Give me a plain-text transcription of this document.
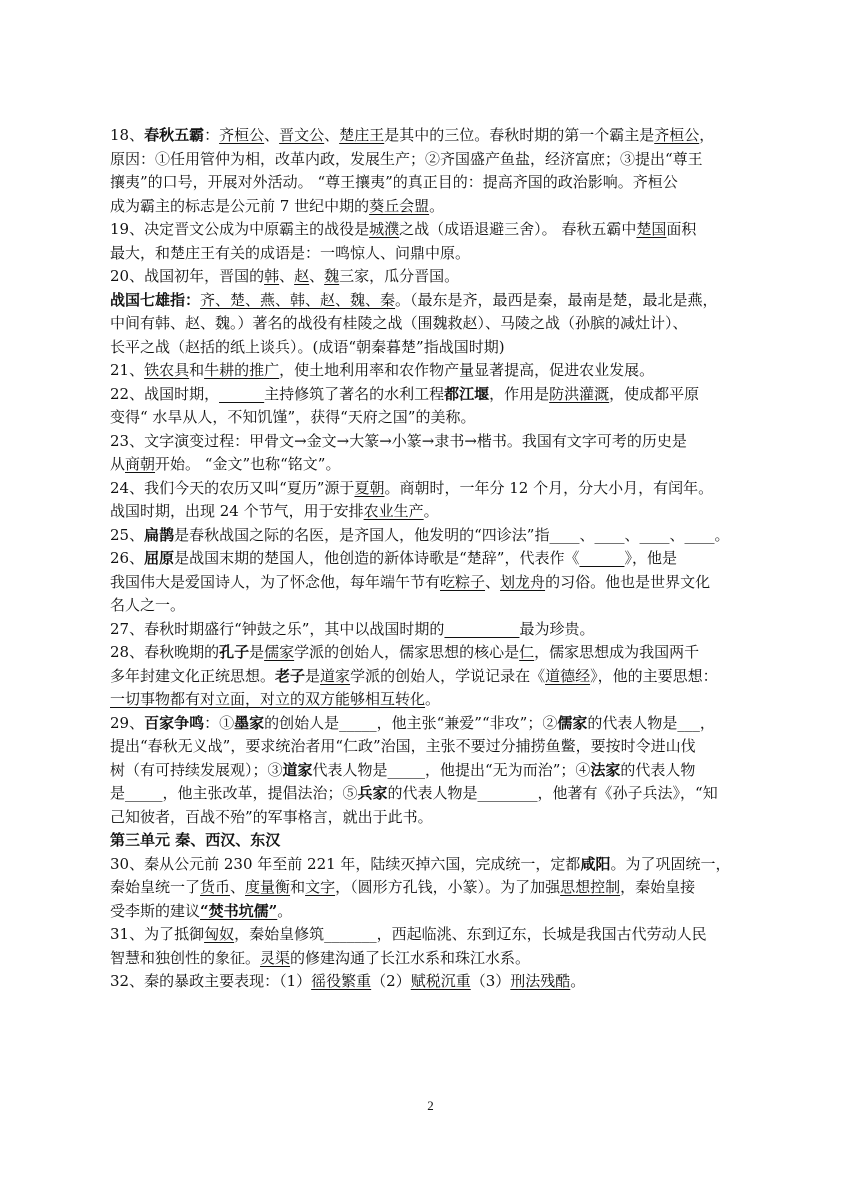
18、春秋五霸：齐桓公、晋文公、楚庄王是其中的三位。春秋时期的第一个霸主是齐桓公，
原因：①任用管仲为相，改革内政，发展生产；②齐国盛产鱼盐，经济富庶；③提出“尊王
攘夷”的口号，开展对外活动。 “尊王攘夷”的真正目的：提高齐国的政治影响。齐桓公
成为霸主的标志是公元前 7 世纪中期的葵丘会盟。
19、决定晋文公成为中原霸主的战役是城濮之战（成语退避三舍）。 春秋五霸中楚国面积
最大，和楚庄王有关的成语是：一鸣惊人、问鼎中原。
20、战国初年，晋国的韩、赵、魏三家，瓜分晋国。
战国七雄指：齐、楚、燕、韩、赵、魏、秦。（最东是齐，最西是秦，最南是楚，最北是燕，
中间有韩、赵、魏。）著名的战役有桂陵之战（围魏救赵）、马陵之战（孙膑的减灶计）、
长平之战（赵括的纸上谈兵）。(成语“朝秦暮楚”指战国时期)
21、铁农具和牛耕的推广，使土地利用率和农作物产量显著提高，促进农业发展。
22、战国时期，______主持修筑了著名的水利工程都江堰，作用是防洪灌溉，使成都平原
变得“ 水旱从人，不知饥馑”，获得“天府之国”的美称。
23、文字演变过程：甲骨文→金文→大篆→小篆→隶书→楷书。我国有文字可考的历史是
从商朝开始。 “金文”也称“铭文”。
24、我们今天的农历又叫“夏历”源于夏朝。商朝时，一年分 12 个月，分大小月，有闰年。
战国时期，出现 24 个节气，用于安排农业生产。
25、扁鹊是春秋战国之际的名医，是齐国人，他发明的“四诊法”指____、____、____、____。
26、屈原是战国末期的楚国人，他创造的新体诗歌是“楚辞”，代表作《______》，他是
我国伟大是爱国诗人，为了怀念他，每年端午节有吃粽子、划龙舟的习俗。他也是世界文化
名人之一。
27、春秋时期盛行“钟鼓之乐”，其中以战国时期的__________最为珍贵。
28、春秋晚期的孔子是儒家学派的创始人，儒家思想的核心是仁，儒家思想成为我国两千
多年封建文化正统思想。老子是道家学派的创始人，学说记录在《道德经》，他的主要思想：
一切事物都有对立面，对立的双方能够相互转化。
29、百家争鸣：①墨家的创始人是_____，他主张“兼爱”“非攻”；②儒家的代表人物是___，
提出“春秋无义战”，要求统治者用“仁政”治国，主张不要过分捕捞鱼鳖，要按时令进山伐
树（有可持续发展观）；③道家代表人物是_____，他提出“无为而治”；④法家的代表人物
是_____，他主张改革，提倡法治；⑤兵家的代表人物是________，他著有《孙子兵法》，“知
己知彼者，百战不殆”的军事格言，就出于此书。
第三单元 秦、西汉、东汉
30、秦从公元前 230 年至前 221 年，陆续灭掉六国，完成统一，定都咸阳。为了巩固统一，
秦始皇统一了货币、度量衡和文字，（圆形方孔钱，小篆）。为了加强思想控制，秦始皇接
受李斯的建议“焚书坑儒”。
31、为了抵御匈奴，秦始皇修筑_______，西起临洮、东到辽东，长城是我国古代劳动人民
智慧和独创性的象征。灵渠的修建沟通了长江水系和珠江水系。
32、秦的暴政主要表现：（1）徭役繁重（2）赋税沉重（3）刑法残酷。
2
